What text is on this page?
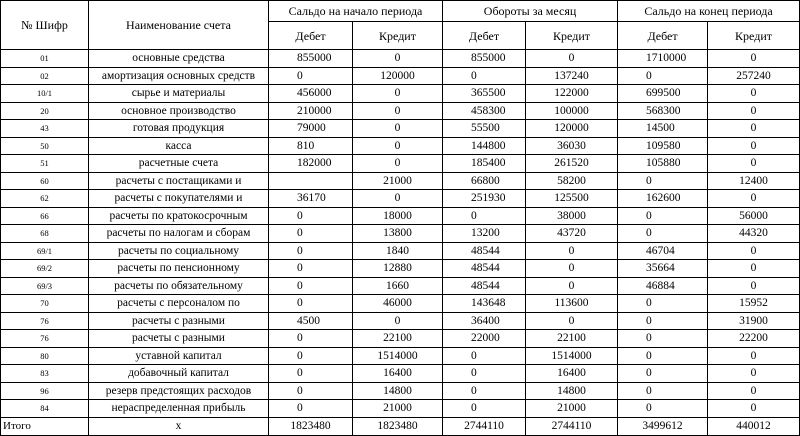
№ Шифр	Наименование счета	Сальдо на начало периода		Обороты за месяц		Сальдо на конец периода	
		Дебет	Кредит	Дебет	Кредит	Дебет	Кредит
01	основные средства	855000	0	855000	0	1710000	0
02	амортизация основных средств	0	120000	0	137240	0	257240
10/1	сырье и материалы	456000	0	365500	122000	699500	0
20	основное производство	210000	0	458300	100000	568300	0
43	готовая продукция	79000	0	55500	120000	14500	0
50	касса	810	0	144800	36030	109580	0
51	расчетные счета	182000	0	185400	261520	105880	0
60	расчеты с постащиками и		21000	66800	58200	0	12400
62	расчеты с покупателями и	36170	0	251930	125500	162600	0
66	расчеты по кратокосрочным	0	18000	0	38000	0	56000
68	расчеты по налогам и сборам	0	13800	13200	43720	0	44320
69/1	расчеты по социальному	0	1840	48544	0	46704	0
69/2	расчеты по пенсионному	0	12880	48544	0	35664	0
69/3	расчеты по обязательному	0	1660	48544	0	46884	0
70	расчеты с персоналом по	0	46000	143648	113600	0	15952
76	расчеты с разными	4500	0	36400	0	0	31900
76	расчеты с разными	0	22100	22000	22100	0	22200
80	уставной капитал	0	1514000	0	1514000	0	0
83	добавочный капитал	0	16400	0	16400	0	0
96	резерв предстоящих расходов	0	14800	0	14800	0	0
84	нераспределенная прибыль	0	21000	0	21000	0	0
Итого	х	1823480	1823480	2744110	2744110	3499612	440012
